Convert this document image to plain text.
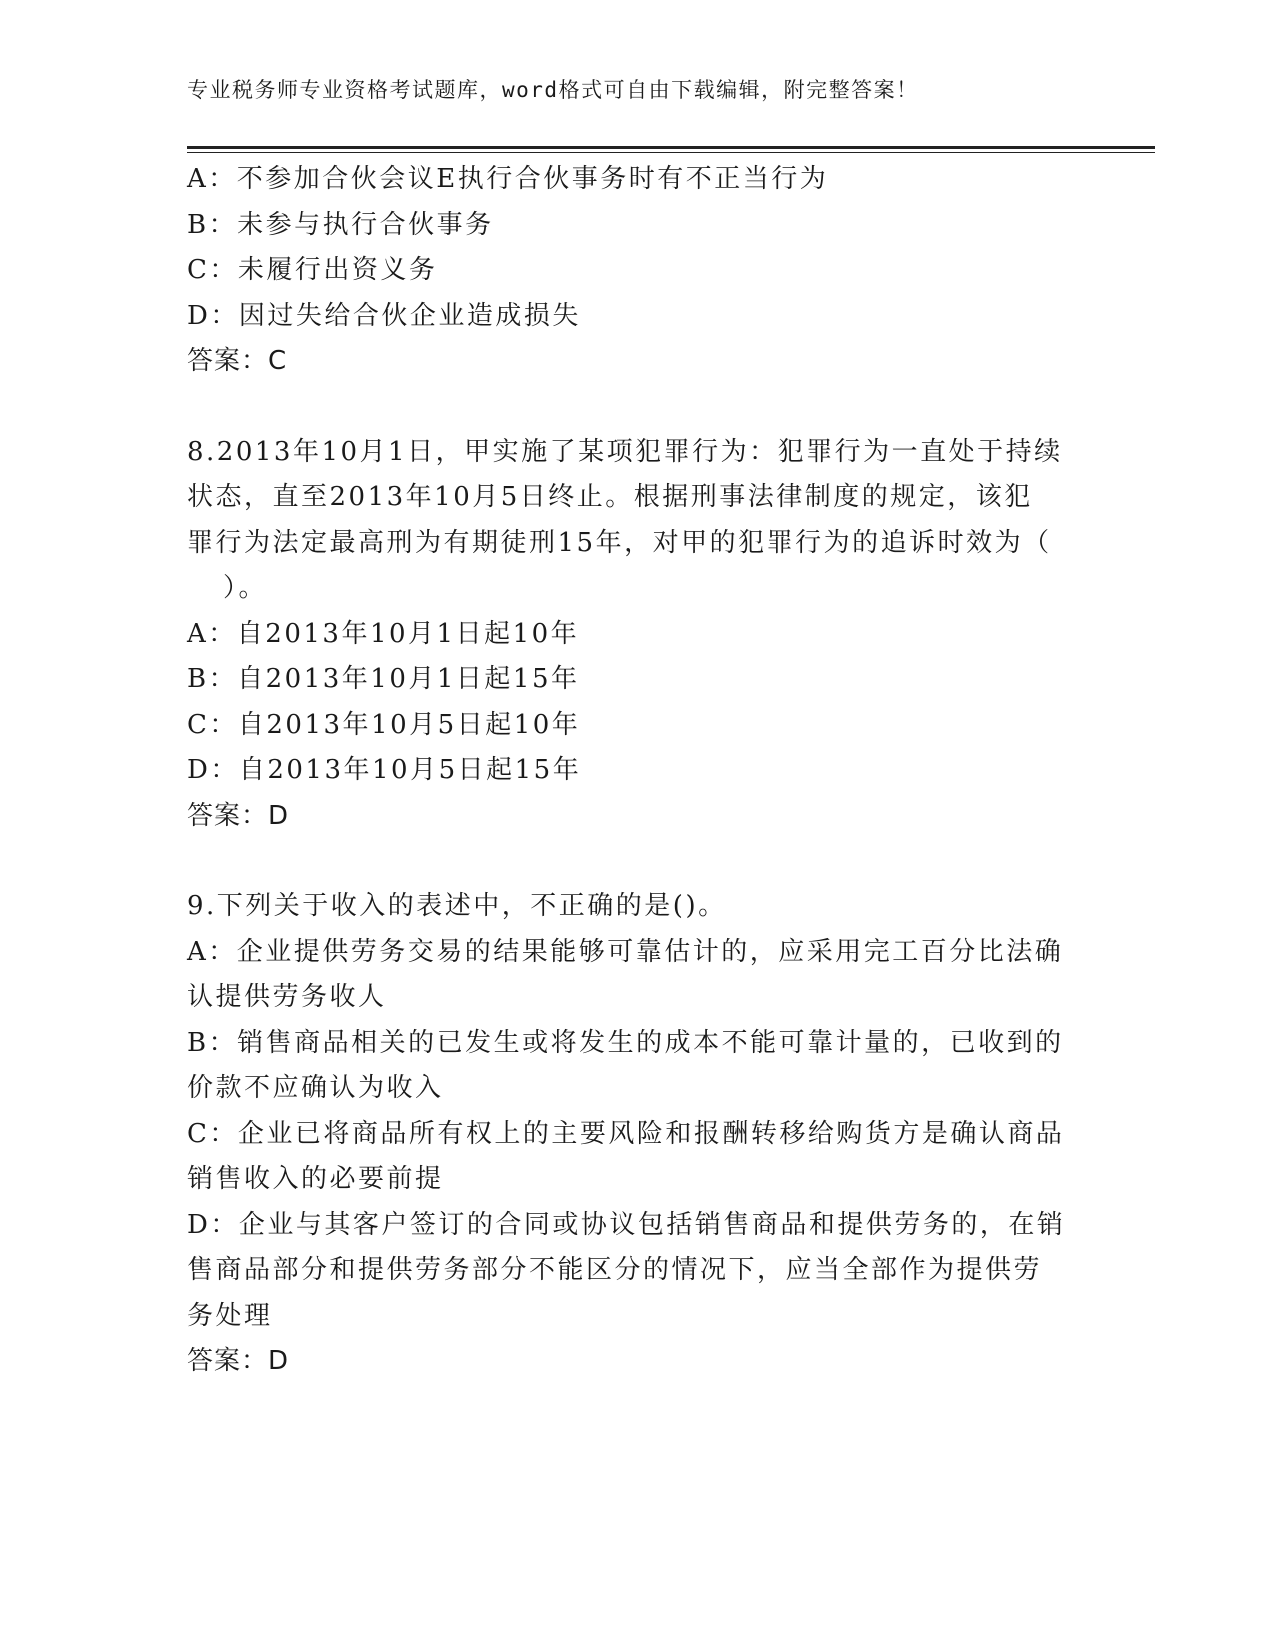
专业税务师专业资格考试题库，word格式可自由下载编辑，附完整答案！
A：不参加合伙会议E执行合伙事务时有不正当行为
B：未参与执行合伙事务
C：未履行出资义务
D：因过失给合伙企业造成损失
答案：C
8.2013年10月1日，甲实施了某项犯罪行为：犯罪行为一直处于持续
状态，直至2013年10月5日终止。根据刑事法律制度的规定，该犯
罪行为法定最高刑为有期徒刑15年，对甲的犯罪行为的追诉时效为（
）。
A：自2013年10月1日起10年
B：自2013年10月1日起15年
C：自2013年10月5日起10年
D：自2013年10月5日起15年
答案：D
9.下列关于收入的表述中，不正确的是()。
A：企业提供劳务交易的结果能够可靠估计的，应采用完工百分比法确
认提供劳务收人
B：销售商品相关的已发生或将发生的成本不能可靠计量的，已收到的
价款不应确认为收入
C：企业已将商品所有权上的主要风险和报酬转移给购货方是确认商品
销售收入的必要前提
D：企业与其客户签订的合同或协议包括销售商品和提供劳务的，在销
售商品部分和提供劳务部分不能区分的情况下，应当全部作为提供劳
务处理
答案：D
